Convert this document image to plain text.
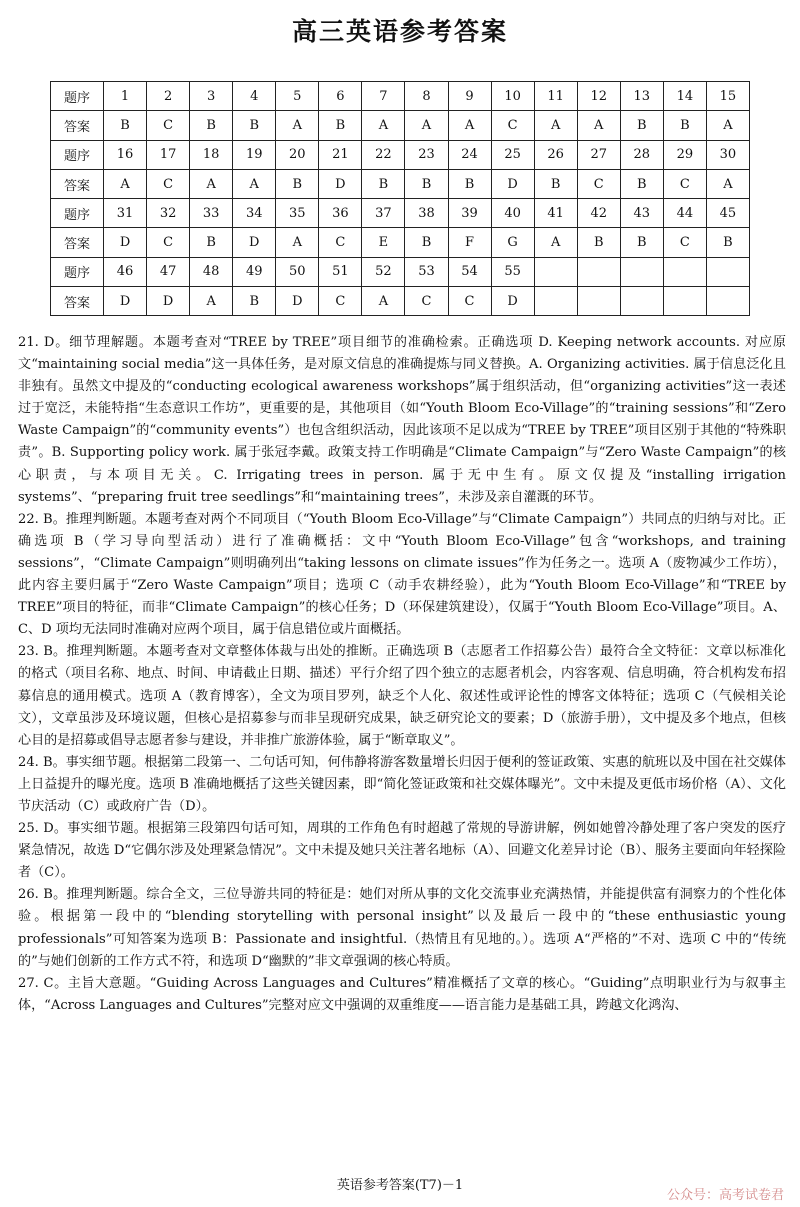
高三英语参考答案
题序	1	2	3	4	5	6	7	8	9	10	11	12	13	14	15
答案	B	C	B	B	A	B	A	A	A	C	A	A	B	B	A
题序	16	17	18	19	20	21	22	23	24	25	26	27	28	29	30
答案	A	C	A	A	B	D	B	B	B	D	B	C	B	C	A
题序	31	32	33	34	35	36	37	38	39	40	41	42	43	44	45
答案	D	C	B	D	A	C	E	B	F	G	A	B	B	C	B
题序	46	47	48	49	50	51	52	53	54	55					
答案	D	D	A	B	D	C	A	C	C	D					

21. D。细节理解题。本题考查对“TREE by TREE”项目细节的准确检索。正确选项 D. Keeping network accounts. 对应原文“maintaining social media”这一具体任务，是对原文信息的准确提炼与同义替换。A. Organizing activities. 属于信息泛化且非独有。虽然文中提及的“conducting ecological awareness workshops”属于组织活动，但“organizing activities”这一表述过于宽泛，未能特指“生态意识工作坊”，更重要的是，其他项目（如“Youth Bloom Eco-Village”的“training sessions”和“Zero Waste Campaign”的“community events”）也包含组织活动，因此该项不足以成为“TREE by TREE”项目区别于其他的“特殊职责”。B. Supporting policy work. 属于张冠李戴。政策支持工作明确是“Climate Campaign”与“Zero Waste Campaign”的核心职责，与本项目无关。C. Irrigating trees in person. 属于无中生有。原文仅提及“installing irrigation systems”、“preparing fruit tree seedlings”和“maintaining trees”，未涉及亲自灌溉的环节。

22. B。推理判断题。本题考查对两个不同项目（“Youth Bloom Eco-Village”与“Climate Campaign”）共同点的归纳与对比。正确选项 B（学习导向型活动）进行了准确概括：文中“Youth Bloom Eco-Village”包含“workshops, and training sessions”，“Climate Campaign”则明确列出“taking lessons on climate issues”作为任务之一。选项 A（废物减少工作坊），此内容主要归属于“Zero Waste Campaign”项目；选项 C（动手农耕经验），此为“Youth Bloom Eco-Village”和“TREE by TREE”项目的特征，而非“Climate Campaign”的核心任务；D（环保建筑建设），仅属于“Youth Bloom Eco-Village”项目。A、C、D 项均无法同时准确对应两个项目，属于信息错位或片面概括。

23. B。推理判断题。本题考查对文章整体体裁与出处的推断。正确选项 B（志愿者工作招募公告）最符合全文特征：文章以标准化的格式（项目名称、地点、时间、申请截止日期、描述）平行介绍了四个独立的志愿者机会，内容客观、信息明确，符合机构发布招募信息的通用模式。选项 A（教育博客），全文为项目罗列，缺乏个人化、叙述性或评论性的博客文体特征；选项 C（气候相关论文），文章虽涉及环境议题，但核心是招募参与而非呈现研究成果，缺乏研究论文的要素；D（旅游手册），文中提及多个地点，但核心目的是招募或倡导志愿者参与建设，并非推广旅游体验，属于“断章取义”。

24. B。事实细节题。根据第二段第一、二句话可知，何伟静将游客数量增长归因于便利的签证政策、实惠的航班以及中国在社交媒体上日益提升的曝光度。选项 B 准确地概括了这些关键因素，即“简化签证政策和社交媒体曝光”。文中未提及更低市场价格（A）、文化节庆活动（C）或政府广告（D）。

25. D。事实细节题。根据第三段第四句话可知，周琪的工作角色有时超越了常规的导游讲解，例如她曾冷静处理了客户突发的医疗紧急情况，故选 D“它偶尔涉及处理紧急情况”。文中未提及她只关注著名地标（A）、回避文化差异讨论（B）、服务主要面向年轻探险者（C）。

26. B。推理判断题。综合全文，三位导游共同的特征是：她们对所从事的文化交流事业充满热情，并能提供富有洞察力的个性化体验。根据第一段中的“blending storytelling with personal insight”以及最后一段中的“these enthusiastic young professionals”可知答案为选项 B：Passionate and insightful.（热情且有见地的。）。选项 A“严格的”不对、选项 C 中的“传统的”与她们创新的工作方式不符，和选项 D“幽默的”非文章强调的核心特质。

27. C。主旨大意题。“Guiding Across Languages and Cultures”精准概括了文章的核心。“Guiding”点明职业行为与叙事主体，“Across Languages and Cultures”完整对应文中强调的双重维度——语言能力是基础工具，跨越文化鸿沟、

英语参考答案(T7)－1
公众号：高考试卷君
